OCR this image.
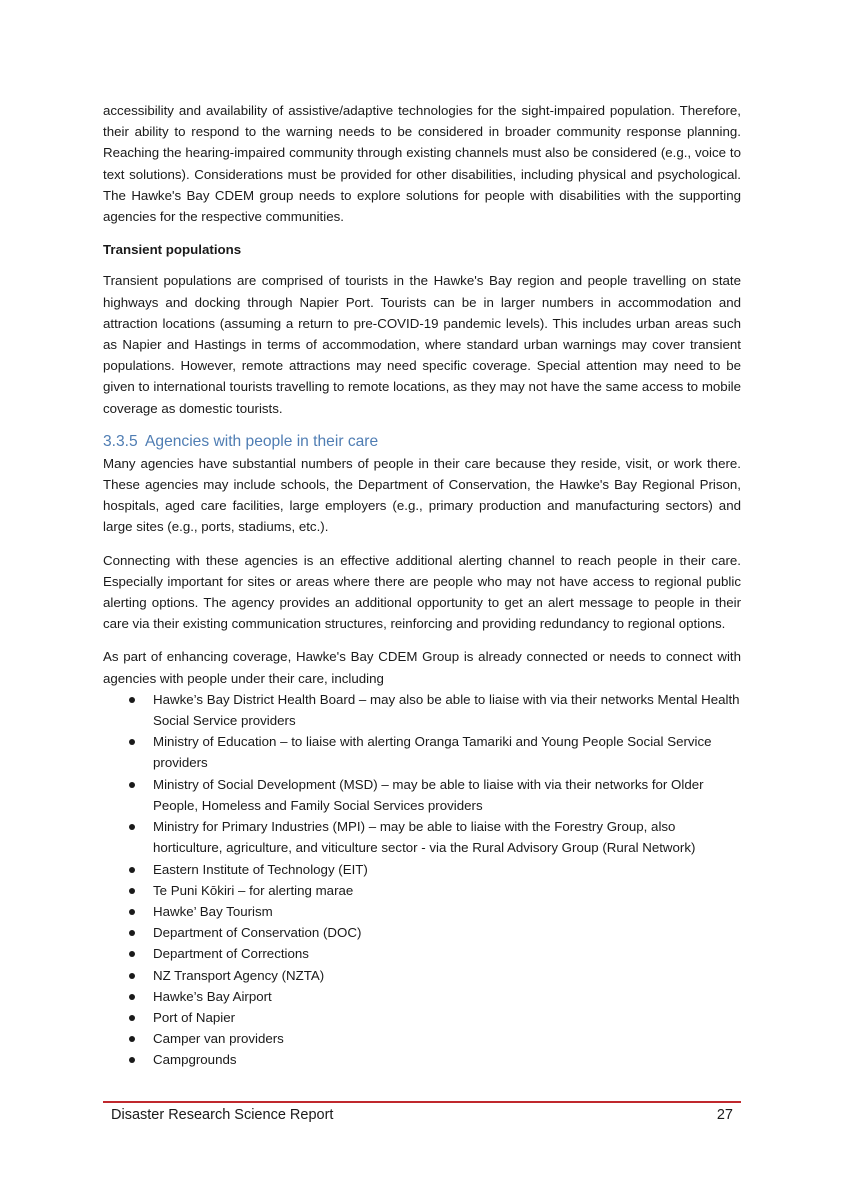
accessibility and availability of assistive/adaptive technologies for the sight-impaired population. Therefore, their ability to respond to the warning needs to be considered in broader community response planning. Reaching the hearing-impaired community through existing channels must also be considered (e.g., voice to text solutions). Considerations must be provided for other disabilities, including physical and psychological. The Hawke's Bay CDEM group needs to explore solutions for people with disabilities with the supporting agencies for the respective communities.

Transient populations

Transient populations are comprised of tourists in the Hawke's Bay region and people travelling on state highways and docking through Napier Port. Tourists can be in larger numbers in accommodation and attraction locations (assuming a return to pre-COVID-19 pandemic levels). This includes urban areas such as Napier and Hastings in terms of accommodation, where standard urban warnings may cover transient populations. However, remote attractions may need specific coverage. Special attention may need to be given to international tourists travelling to remote locations, as they may not have the same access to mobile coverage as domestic tourists.

3.3.5 Agencies with people in their care

Many agencies have substantial numbers of people in their care because they reside, visit, or work there. These agencies may include schools, the Department of Conservation, the Hawke's Bay Regional Prison, hospitals, aged care facilities, large employers (e.g., primary production and manufacturing sectors) and large sites (e.g., ports, stadiums, etc.).

Connecting with these agencies is an effective additional alerting channel to reach people in their care. Especially important for sites or areas where there are people who may not have access to regional public alerting options. The agency provides an additional opportunity to get an alert message to people in their care via their existing communication structures, reinforcing and providing redundancy to regional options.

As part of enhancing coverage, Hawke's Bay CDEM Group is already connected or needs to connect with agencies with people under their care, including

Hawke’s Bay District Health Board – may also be able to liaise with via their networks Mental Health Social Service providers
Ministry of Education – to liaise with alerting Oranga Tamariki and Young People Social Service providers
Ministry of Social Development (MSD) – may be able to liaise with via their networks for Older People, Homeless and Family Social Services providers
Ministry for Primary Industries (MPI) – may be able to liaise with the Forestry Group, also horticulture, agriculture, and viticulture sector - via the Rural Advisory Group (Rural Network)
Eastern Institute of Technology (EIT)
Te Puni Kōkiri – for alerting marae
Hawke’ Bay Tourism
Department of Conservation (DOC)
Department of Corrections
NZ Transport Agency (NZTA)
Hawke’s Bay Airport
Port of Napier
Camper van providers
Campgrounds
Disaster Research Science Report	27
